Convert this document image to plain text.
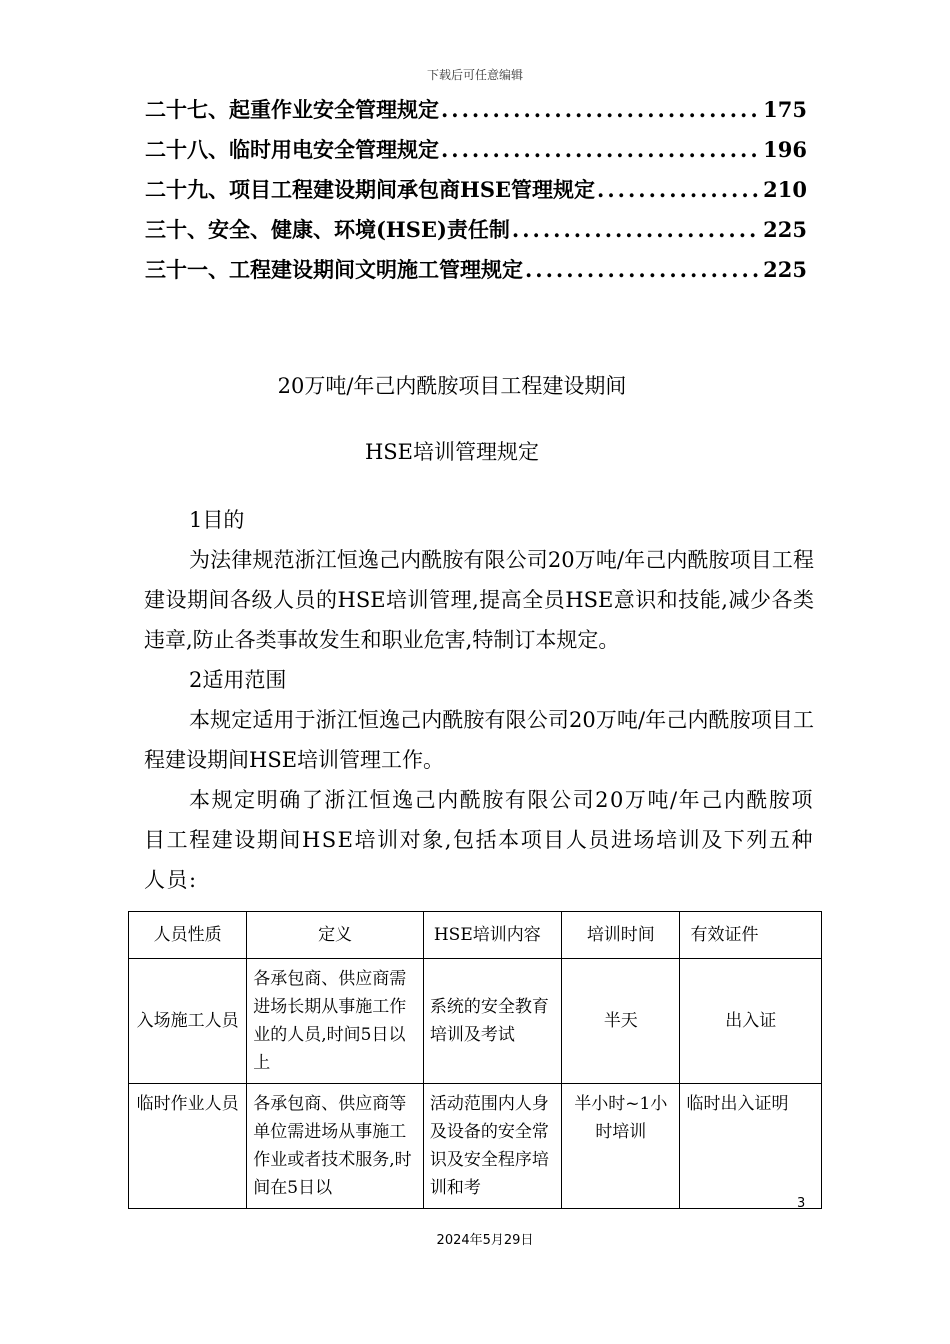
下载后可任意编辑
二十七、起重作业安全管理规定 .....	175
二十八、临时用电安全管理规定 .....	196
二十九、项目工程建设期间承包商HSE管理规定 .....	210
三十、安全、健康、环境(HSE)责任制 .....	225
三十一、工程建设期间文明施工管理规定 .....	225
20万吨/年己内酰胺项目工程建设期间
HSE培训管理规定

1目的

为法律规范浙江恒逸己内酰胺有限公司20万吨/年己内酰胺项目工程建设期间各级人员的HSE培训管理,提高全员HSE意识和技能,减少各类违章,防止各类事故发生和职业危害,特制订本规定。

2适用范围

本规定适用于浙江恒逸己内酰胺有限公司20万吨/年己内酰胺项目工程建设期间HSE培训管理工作。

本规定明确了浙江恒逸己内酰胺有限公司20万吨/年己内酰胺项目工程建设期间HSE培训对象,包括本项目人员进场培训及下列五种人员:

人员性质	定义	HSE培训内容	培训时间	有效证件
入场施工人员	各承包商、供应商需进场长期从事施工作业的人员,时间5日以上	系统的安全教育培训及考试	半天	出入证
临时作业人员	各承包商、供应商等单位需进场从事施工作业或者技术服务,时间在5日以	活动范围内人身及设备的安全常识及安全程序培训和考	半小时~1小时培训	临时出入证明
3
2024年5月29日
